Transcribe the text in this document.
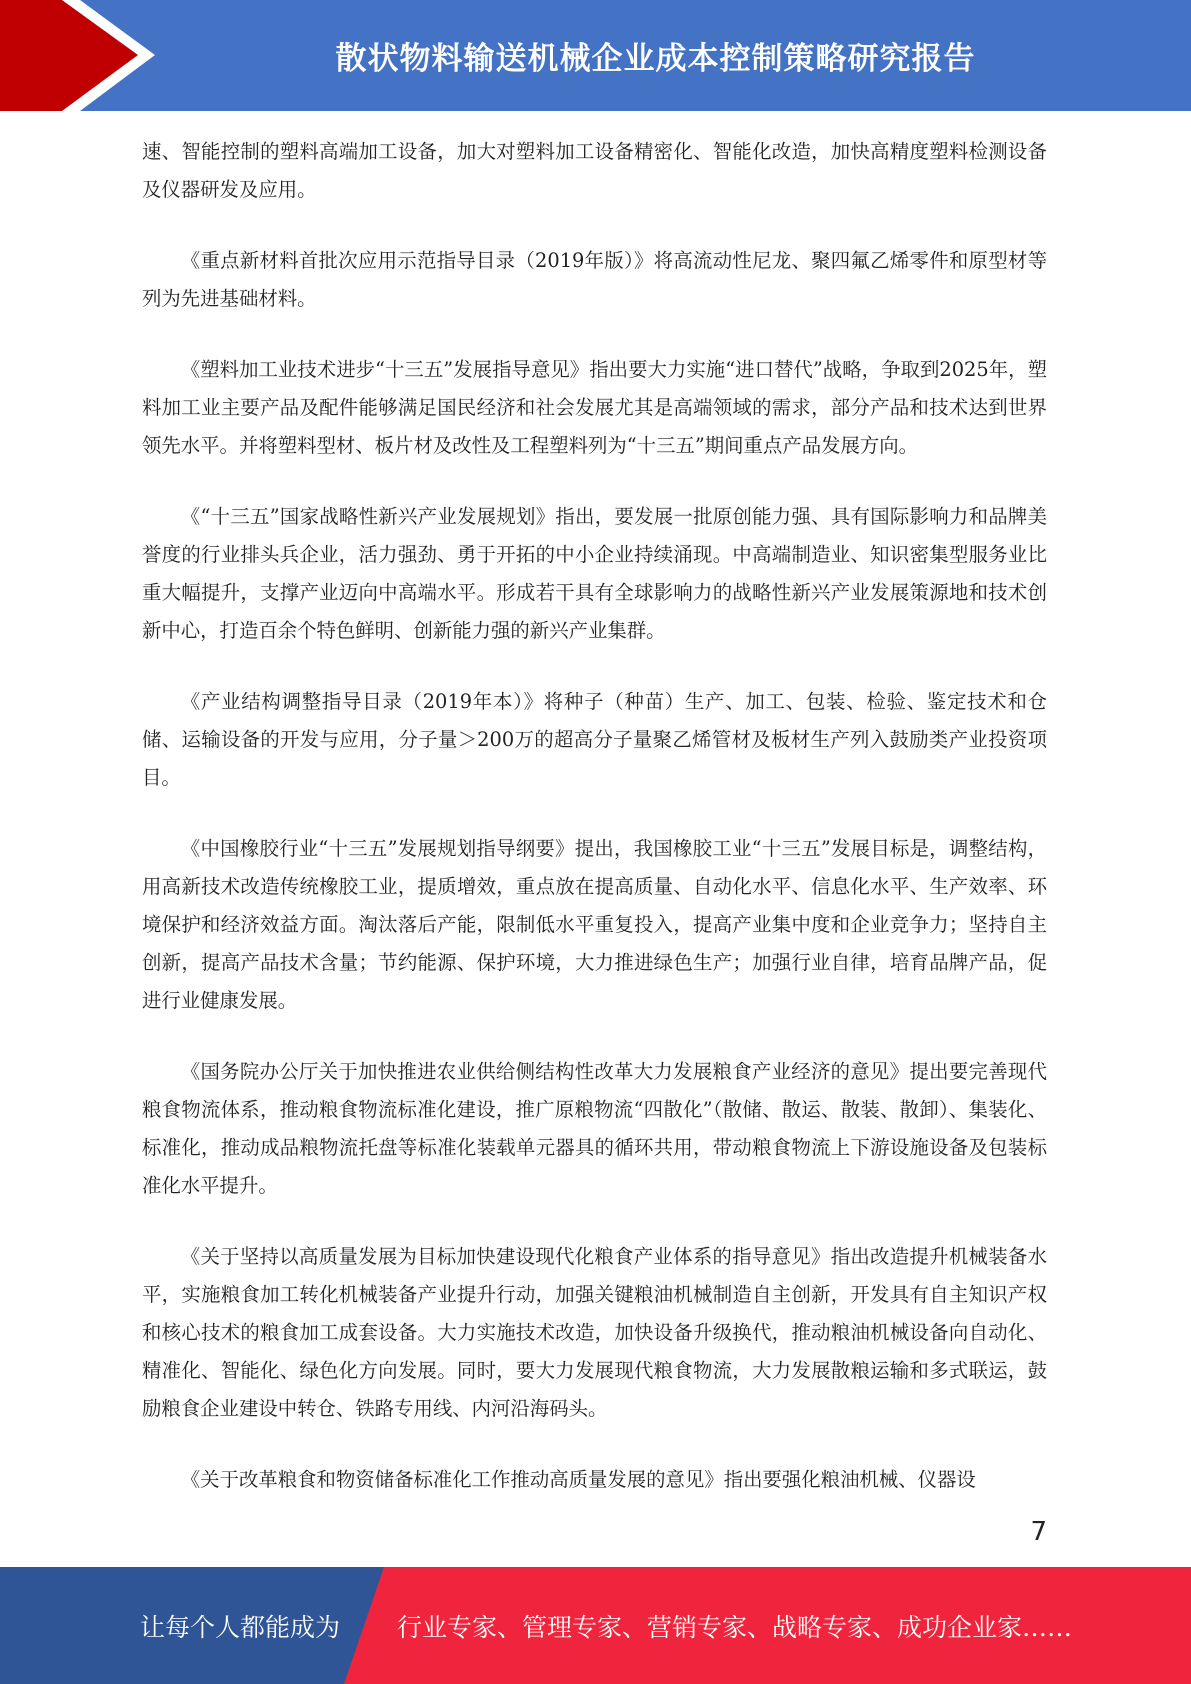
散状物料输送机械企业成本控制策略研究报告

速、智能控制的塑料高端加工设备，加大对塑料加工设备精密化、智能化改造，加快高精度塑料检测设备及仪器研发及应用。

《重点新材料首批次应用示范指导目录（2019年版）》将高流动性尼龙、聚四氟乙烯零件和原型材等列为先进基础材料。

《塑料加工业技术进步“十三五”发展指导意见》指出要大力实施“进口替代”战略，争取到2025年，塑料加工业主要产品及配件能够满足国民经济和社会发展尤其是高端领域的需求，部分产品和技术达到世界领先水平。并将塑料型材、板片材及改性及工程塑料列为“十三五”期间重点产品发展方向。

《“十三五”国家战略性新兴产业发展规划》指出，要发展一批原创能力强、具有国际影响力和品牌美誉度的行业排头兵企业，活力强劲、勇于开拓的中小企业持续涌现。中高端制造业、知识密集型服务业比重大幅提升，支撑产业迈向中高端水平。形成若干具有全球影响力的战略性新兴产业发展策源地和技术创新中心，打造百余个特色鲜明、创新能力强的新兴产业集群。

《产业结构调整指导目录（2019年本）》将种子（种苗）生产、加工、包装、检验、鉴定技术和仓储、运输设备的开发与应用，分子量＞200万的超高分子量聚乙烯管材及板材生产列入鼓励类产业投资项目。

《中国橡胶行业“十三五”发展规划指导纲要》提出，我国橡胶工业“十三五”发展目标是，调整结构，用高新技术改造传统橡胶工业，提质增效，重点放在提高质量、自动化水平、信息化水平、生产效率、环境保护和经济效益方面。淘汰落后产能，限制低水平重复投入，提高产业集中度和企业竞争力；坚持自主创新，提高产品技术含量；节约能源、保护环境，大力推进绿色生产；加强行业自律，培育品牌产品，促进行业健康发展。

《国务院办公厅关于加快推进农业供给侧结构性改革大力发展粮食产业经济的意见》提出要完善现代粮食物流体系，推动粮食物流标准化建设，推广原粮物流“四散化”（散储、散运、散装、散卸）、集装化、标准化，推动成品粮物流托盘等标准化装载单元器具的循环共用，带动粮食物流上下游设施设备及包装标准化水平提升。

《关于坚持以高质量发展为目标加快建设现代化粮食产业体系的指导意见》指出改造提升机械装备水平，实施粮食加工转化机械装备产业提升行动，加强关键粮油机械制造自主创新，开发具有自主知识产权和核心技术的粮食加工成套设备。大力实施技术改造，加快设备升级换代，推动粮油机械设备向自动化、精准化、智能化、绿色化方向发展。同时，要大力发展现代粮食物流，大力发展散粮运输和多式联运，鼓励粮食企业建设中转仓、铁路专用线、内河沿海码头。

《关于改革粮食和物资储备标准化工作推动高质量发展的意见》指出要强化粮油机械、仪器设

7
让每个人都能成为 行业专家、管理专家、营销专家、战略专家、成功企业家……
